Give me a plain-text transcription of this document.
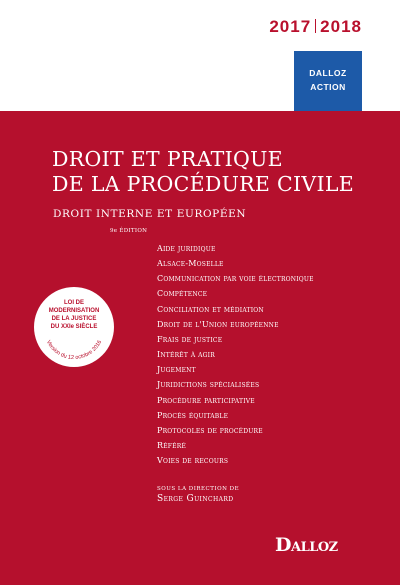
2017 2018
DALLOZ
ACTION
DROIT ET PRATIQUE
DE LA PROCÉDURE CIVILE
DROIT INTERNE ET EUROPÉEN
9e ÉDITION
Aide juridique
Alsace-Moselle
Communication par voie électronique
Compétence
Conciliation et médiation
Droit de l'Union européenne
Frais de justice
Intérêt à agir
Jugement
Juridictions spécialisées
Procédure participative
Procès équitable
Protocoles de procédure
Référé
Voies de recours
LOI DE
MODERNISATION
DE LA JUSTICE
DU XXIe SIÈCLE
Version du 12 octobre 2016
SOUS LA DIRECTION DE
Serge Guinchard
Dalloz
